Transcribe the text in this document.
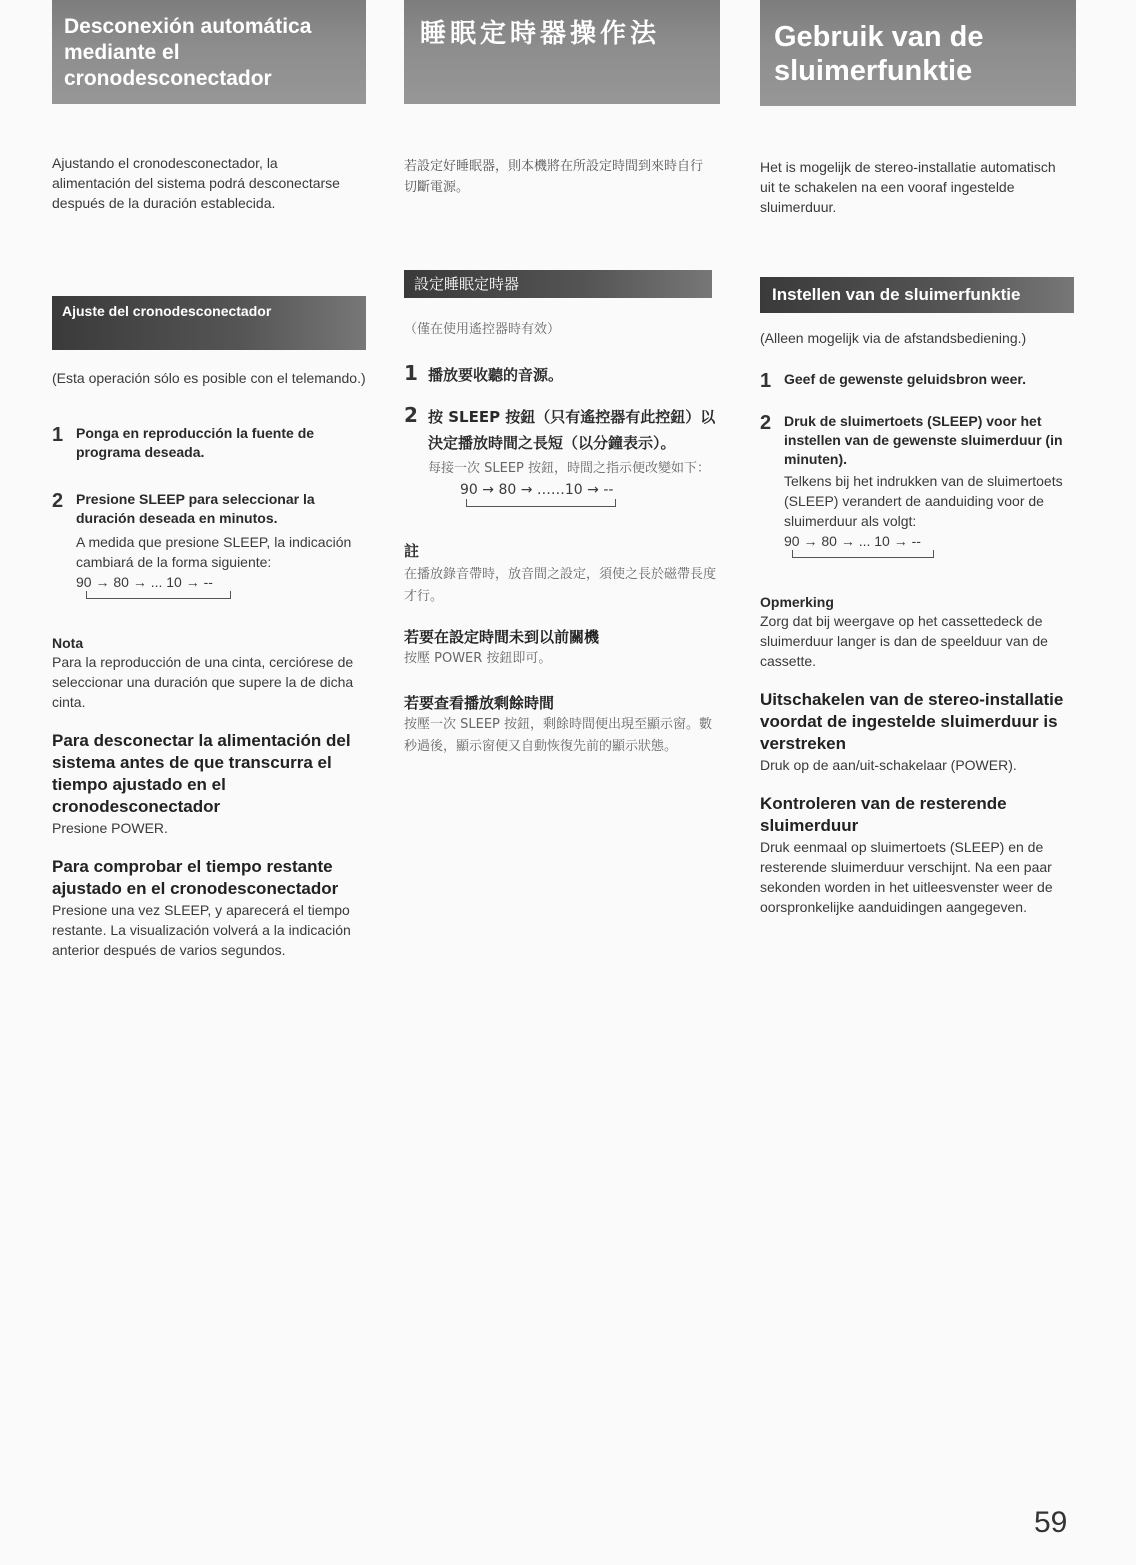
Desconexión automática mediante el cronodesconectador
Ajustando el cronodesconectador, la alimentación del sistema podrá desconectarse después de la duración establecida.
Ajuste del cronodesconectador
(Esta operación sólo es posible con el telemando.)
1 Ponga en reproducción la fuente de programa deseada.
2 Presione SLEEP para seleccionar la duración deseada en minutos.
A medida que presione SLEEP, la indicación cambiará de la forma siguiente:
90 → 80 → ... 10 → --
Nota
Para la reproducción de una cinta, cerciórese de seleccionar una duración que supere la de dicha cinta.
Para desconectar la alimentación del sistema antes de que transcurra el tiempo ajustado en el cronodesconectador
Presione POWER.
Para comprobar el tiempo restante ajustado en el cronodesconectador
Presione una vez SLEEP, y aparecerá el tiempo restante. La visualización volverá a la indicación anterior después de varios segundos.
睡眠定時器操作法
若設定好睡眠器，則本機將在所設定時間到來時自行切斷電源。
設定睡眠定時器
（僅在使用遙控器時有效）
1 播放要收聽的音源。
2 按 SLEEP 按鈕（只有遙控器有此控鈕）以決定播放時間之長短（以分鐘表示）。
每接一次 SLEEP 按鈕，時間之指示便改變如下：
90 → 80 → ……10 → --
註
在播放錄音帶時，放音間之設定，須使之長於磁帶長度才行。
若要在設定時間未到以前關機
按壓 POWER 按鈕即可。
若要查看播放剩餘時間
按壓一次 SLEEP 按鈕，剩餘時間便出現至顯示窗。數秒過後，顯示窗便又自動恢復先前的顯示狀態。
Gebruik van de sluimerfunktie
Het is mogelijk de stereo-installatie automatisch uit te schakelen na een vooraf ingestelde sluimerduur.
Instellen van de sluimerfunktie
(Alleen mogelijk via de afstandsbediening.)
1 Geef de gewenste geluidsbron weer.
2 Druk de sluimertoets (SLEEP) voor het instellen van de gewenste sluimerduur (in minuten).
Telkens bij het indrukken van de sluimertoets (SLEEP) verandert de aanduiding voor de sluimerduur als volgt:
90 → 80 → ... 10 → --
Opmerking
Zorg dat bij weergave op het cassettedeck de sluimerduur langer is dan de speelduur van de cassette.
Uitschakelen van de stereo-installatie voordat de ingestelde sluimerduur is verstreken
Druk op de aan/uit-schakelaar (POWER).
Kontroleren van de resterende sluimerduur
Druk eenmaal op sluimertoets (SLEEP) en de resterende sluimerduur verschijnt. Na een paar sekonden worden in het uitleesvenster weer de oorspronkelijke aanduidingen aangegeven.
59
